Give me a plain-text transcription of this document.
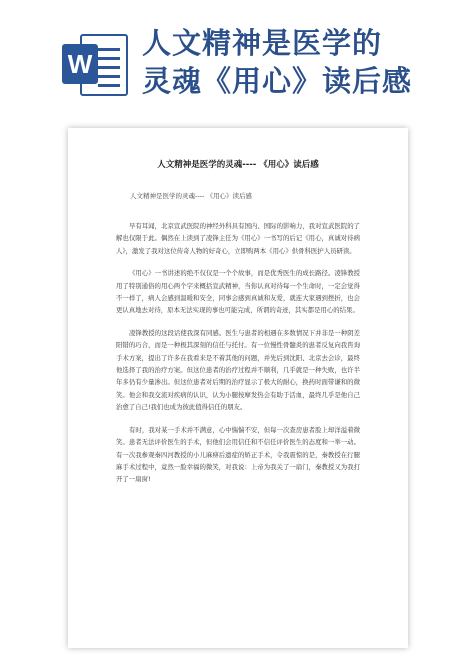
W
人文精神是医学的
灵魂《用心》读后感
人文精神是医学的灵魂---- 《用心》读后感
人文精神是医学的灵魂---- 《用心》读后感

早有耳闻，北京宣武医院的神经外科具有国内、国际的影响力，我对宣武医院的了解也仅限于此。偶然在上读到了凌锋主任为《用心》一书写的后记《用心，真诚对待病人》，激发了我对这位传奇人物的好奇心，立即购两本《用心》供骨科医护人员研读。

《用心》一书讲述的绝不仅仅是一个个故事，而是优秀医生的成长路径。凌锋教授用了特别通俗的用心两个字来概括宣武精神，当你认真对待每一个生命时，一定会觉得不一样了，病人会感到温暖和安全，同事会感到真诚和友爱，就连大家遇到挫折，也会更认真地去对待，原本无法实现的事也可能完成，所谓的奇迹，其实都是用心的结果。

凌锋教授的这段话使我深有同感。医生与患者的相遇在多数情况下并非是一种阴差阳错的巧合，而是一种极其深刻的信任与托付。有一位慢性骨髓炎的患者反复向我咨询手术方案，提出了许多在我看来是不着其他的问题，并先后到沈阳、北京去会诊，最终他选择了我的治疗方案。但这位患者的治疗过程并不顺利，几乎就是一种失败，也许半年多仍有少量渗出。但这位患者对后期的治疗显示了极大的耐心，换药时面带谦和的微笑。他会和我交流对疾病的认识，认为小腿按摩发热会有助于活血，最终几乎是他自己治愈了自己!我们也成为彼此值得信任的朋友。

有时，我对某一手术并不满意，心中惴惴不安，但每一次查房患者脸上却洋溢着微笑。患者无法评价医生的手术，但他们会用信任和不信任评价医生的态度和一举一动。有一次我参观秦四河教授的小儿麻痹后遗症的矫正手术，令我震惊的是，秦教授在行腿麻手术过程中，竟然一脸幸福的微笑，对我说：上帝为我关了一扇门，秦教授又为我打开了一扇窗!
